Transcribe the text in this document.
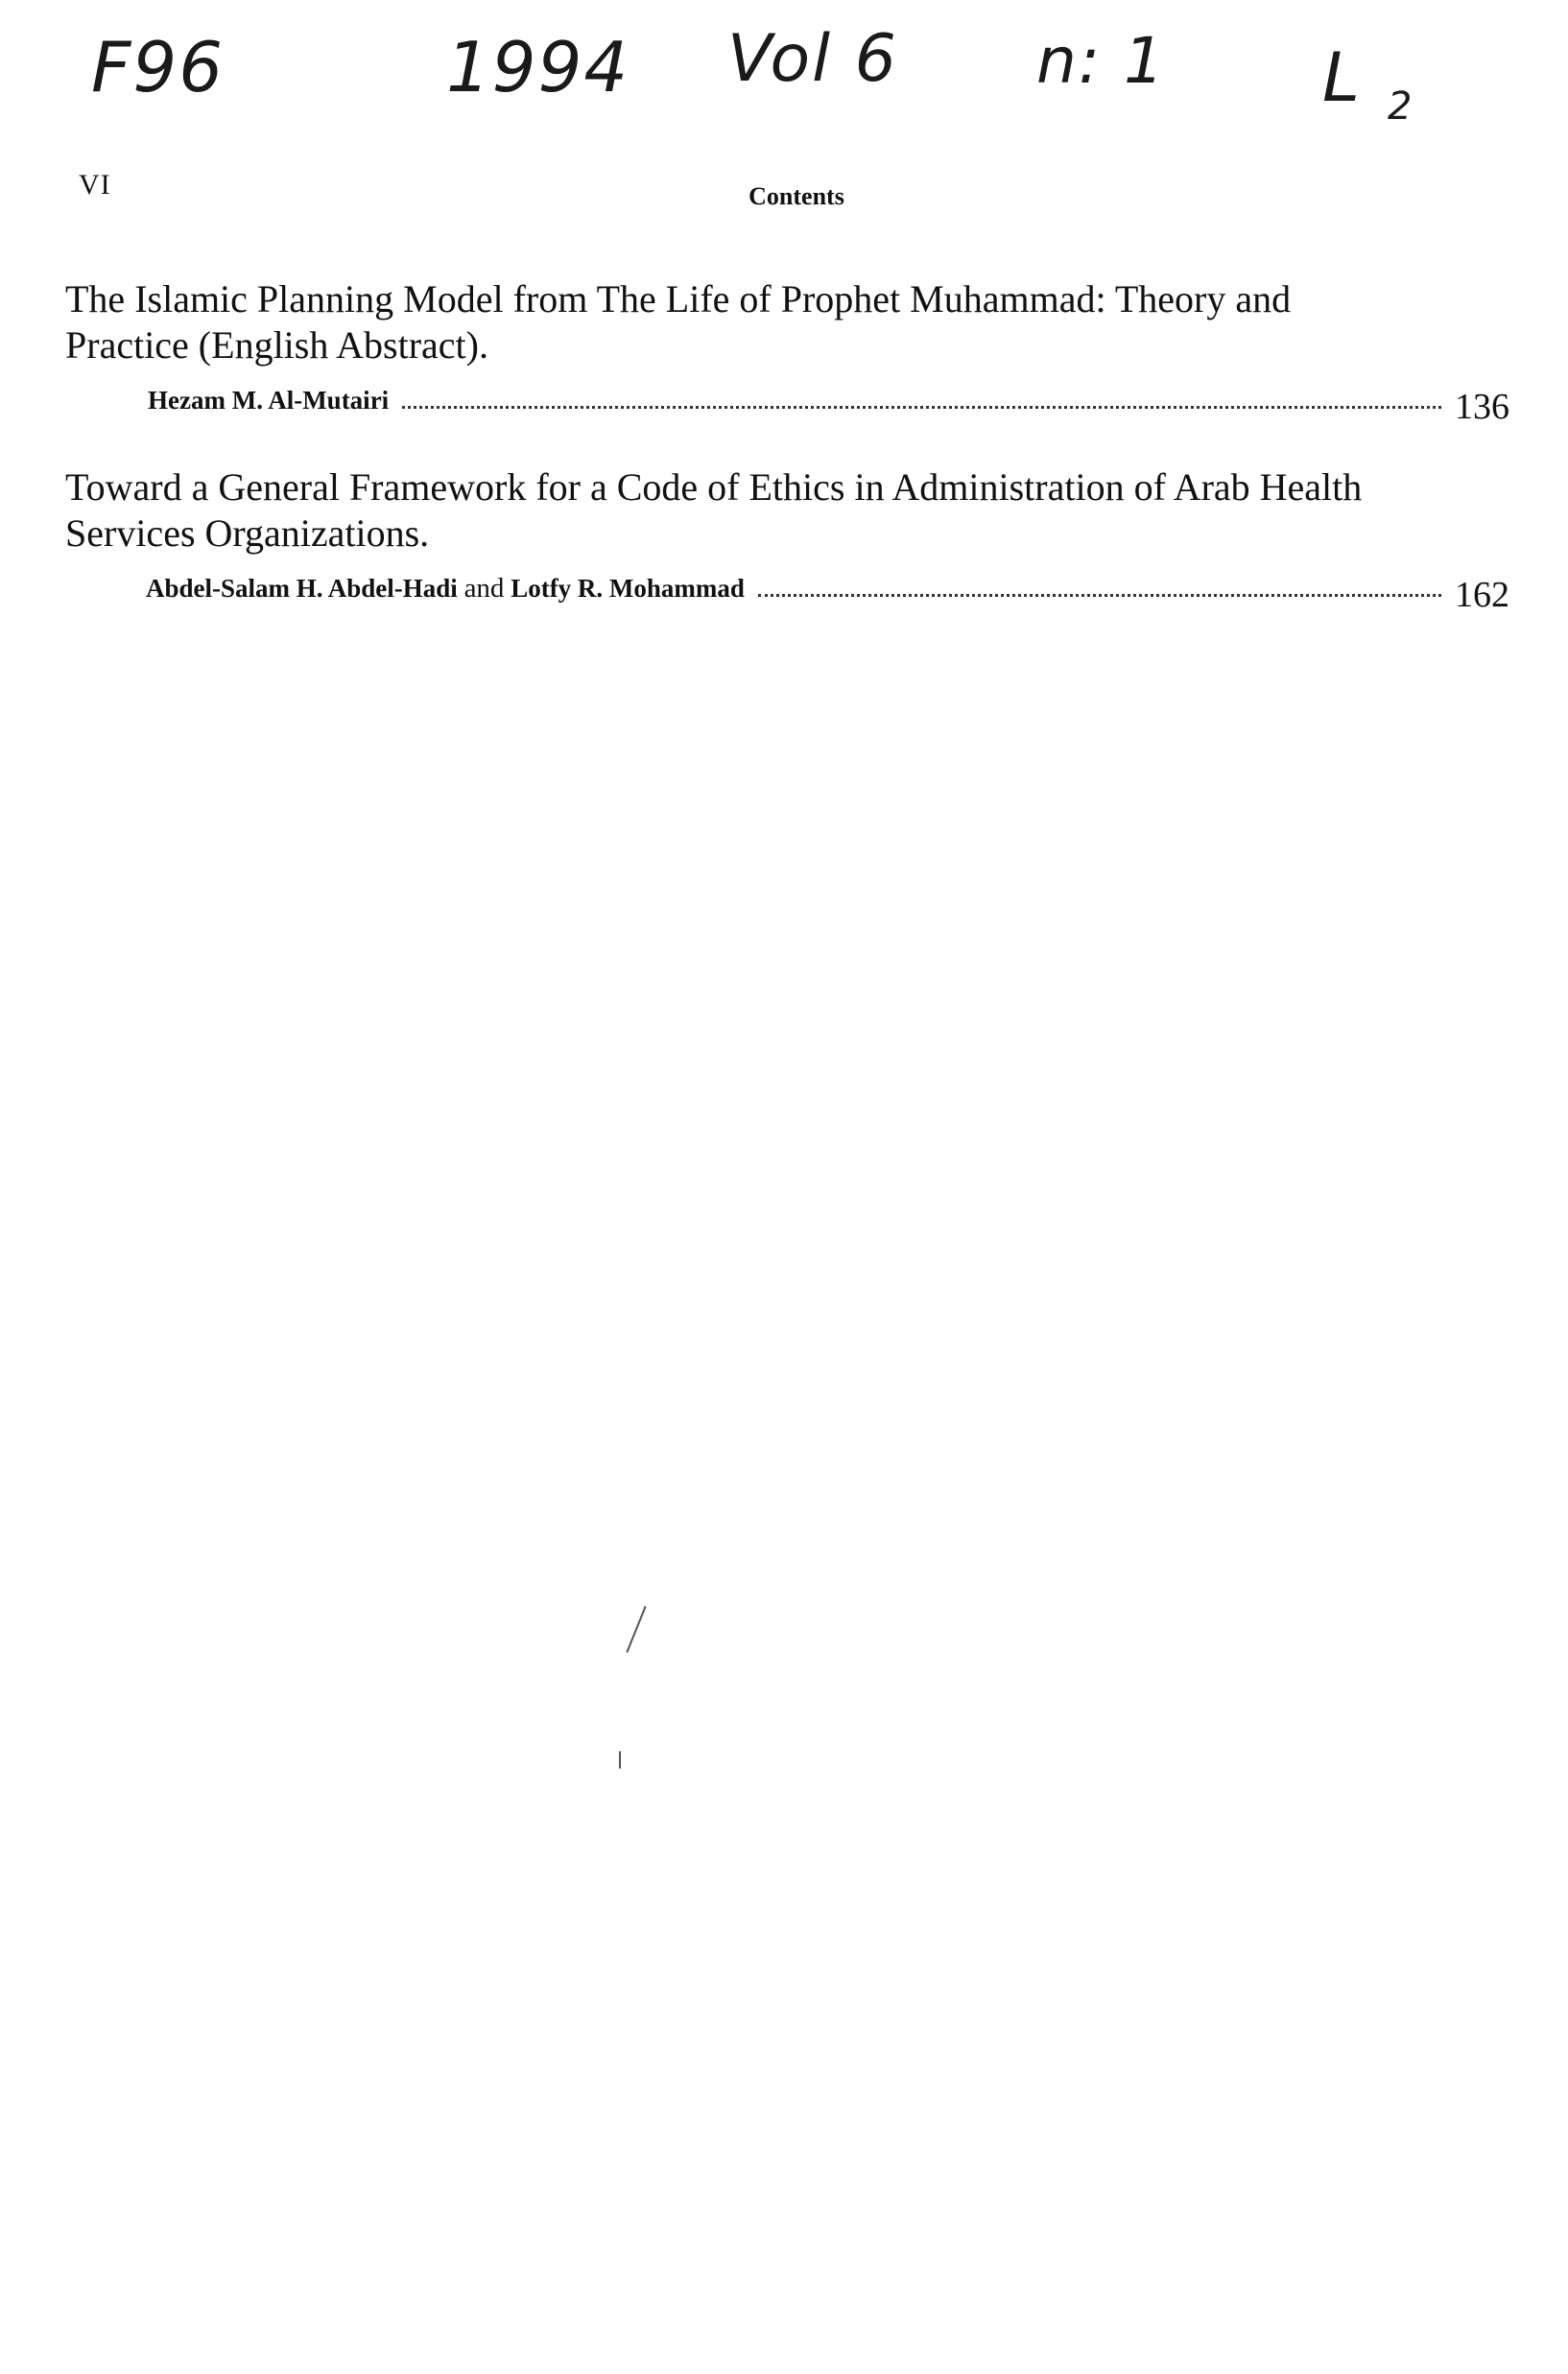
F96	1994 Vol 6 n: 1 L 2
VI	Contents
The Islamic Planning Model from The Life of Prophet Muhammad: Theory and Practice (English Abstract).
Hezam M. Al-Mutairi	136
Toward a General Framework for a Code of Ethics in Administration of Arab Health Services Organizations.
Abdel-Salam H. Abdel-Hadi and Lotfy R. Mohammad	162
